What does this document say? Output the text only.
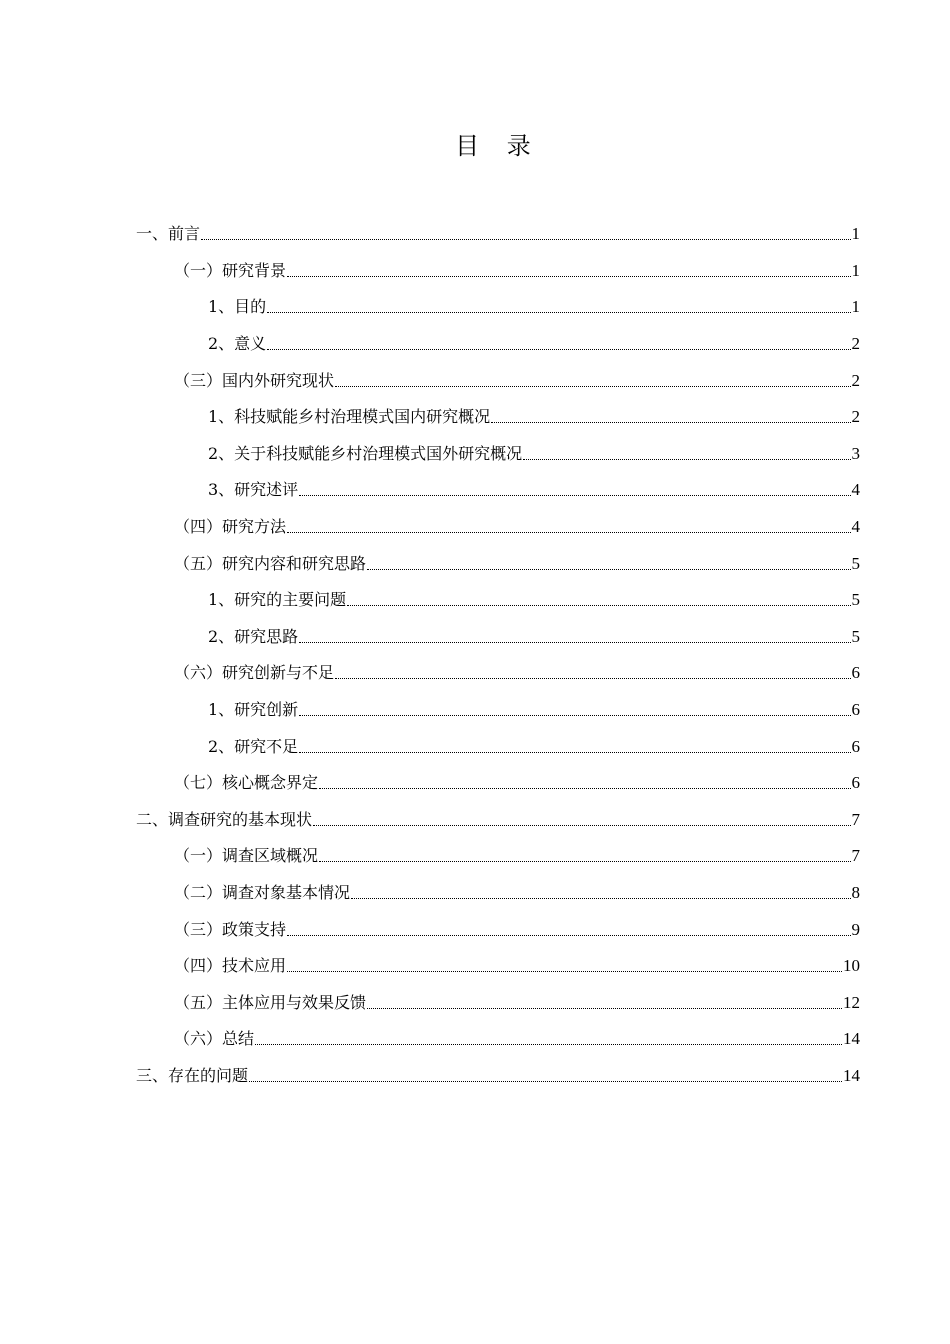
目 录
一、前言	1
（一）研究背景	1
1、目的	1
2、意义	2
（三）国内外研究现状	2
1、科技赋能乡村治理模式国内研究概况	2
2、关于科技赋能乡村治理模式国外研究概况	3
3、研究述评	4
（四）研究方法	4
（五）研究内容和研究思路	5
1、研究的主要问题	5
2、研究思路	5
（六）研究创新与不足	6
1、研究创新	6
2、研究不足	6
（七）核心概念界定	6
二、调查研究的基本现状	7
（一）调查区域概况	7
（二）调查对象基本情况	8
（三）政策支持	9
（四）技术应用	10
（五）主体应用与效果反馈	12
（六）总结	14
三、存在的问题	14
